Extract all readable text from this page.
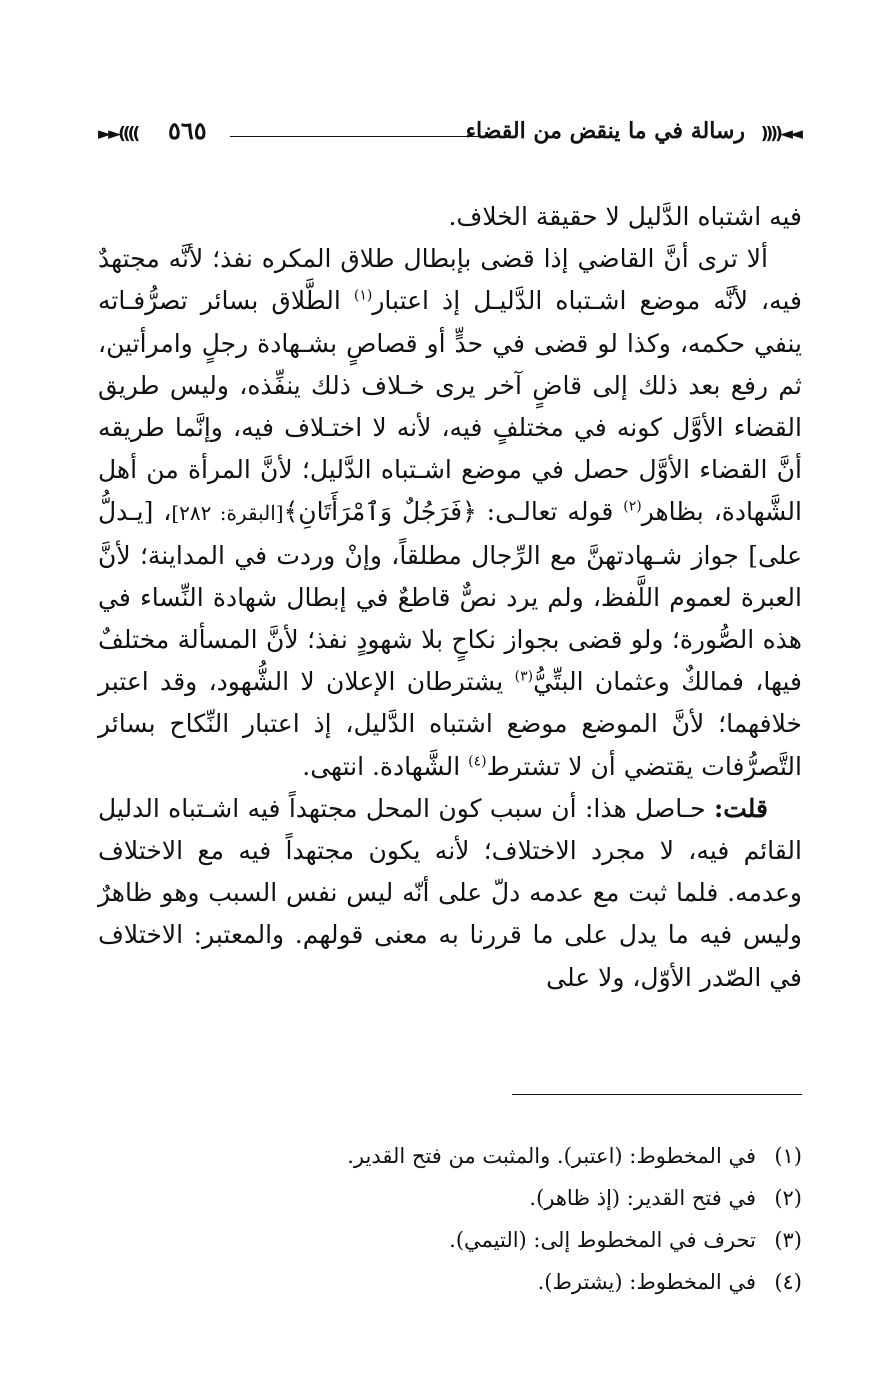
◄◄((((
رسالة في ما ينقض من القضاء
٥٦٥
))))►►

فيه اشتباه الدَّليل لا حقيقة الخلاف.

ألا ترى أنَّ القاضي إذا قضى بإبطال طلاق المكره نفذ؛ لأنَّه مجتهدٌ فيه، لأنَّه موضع اشـتباه الدَّليـل إذ اعتبار$^{(١)}$ الطَّلاق بسائر تصرُّفـاته ينفي حكمه، وكذا لو قضى في حدٍّ أو قصاصٍ بشـهادة رجلٍ وامرأتين، ثم رفع بعد ذلك إلى قاضٍ آخر يرى خـلاف ذلك ينفِّذه، وليس طريق القضاء الأوَّل كونه في مختلفٍ فيه، لأنه لا اختـلاف فيه، وإنَّما طريقه أنَّ القضاء الأوَّل حصل في موضع اشـتباه الدَّليل؛ لأنَّ المرأة من أهل الشَّهادة، بظاهر$^{(٢)}$ قوله تعالـى: ﴿فَرَجُلٌ وَٱمْرَأَتَانِ﴾[البقرة: ٢٨٢]، [يـدلُّ على] جواز شـهادتهنَّ مع الرِّجال مطلقاً، وإنْ وردت في المداينة؛ لأنَّ العبرة لعموم اللَّفظ، ولم يرد نصٌّ قاطعٌ في إبطال شهادة النِّساء في هذه الصُّورة؛ ولو قضى بجواز نكاحٍ بلا شهودٍ نفذ؛ لأنَّ المسألة مختلفٌ فيها، فمالكٌ وعثمان البتِّيُّ$^{(٣)}$ يشترطان الإعلان لا الشُّهود، وقد اعتبر خلافهما؛ لأنَّ الموضع موضع اشتباه الدَّليل، إذ اعتبار النِّكاح بسائر التَّصرُّفات يقتضي أن لا تشترط$^{(٤)}$ الشَّهادة. انتهى.

قلت: حـاصل هذا: أن سبب كون المحل مجتهداً فيه اشـتباه الدليل القائم فيه، لا مجرد الاختلاف؛ لأنه يكون مجتهداً فيه مع الاختلاف وعدمه. فلما ثبت مع عدمه دلّ على أنّه ليس نفس السبب وهو ظاهرٌ وليس فيه ما يدل على ما قررنا به معنى قولهم. والمعتبر: الاختلاف في الصّدر الأوّل، ولا على

(١)في المخطوط: (اعتبر). والمثبت من فتح القدير.
(٢)في فتح القدير: (إذ ظاهر).
(٣)تحرف في المخطوط إلى: (التيمي).
(٤)في المخطوط: (يشترط).
